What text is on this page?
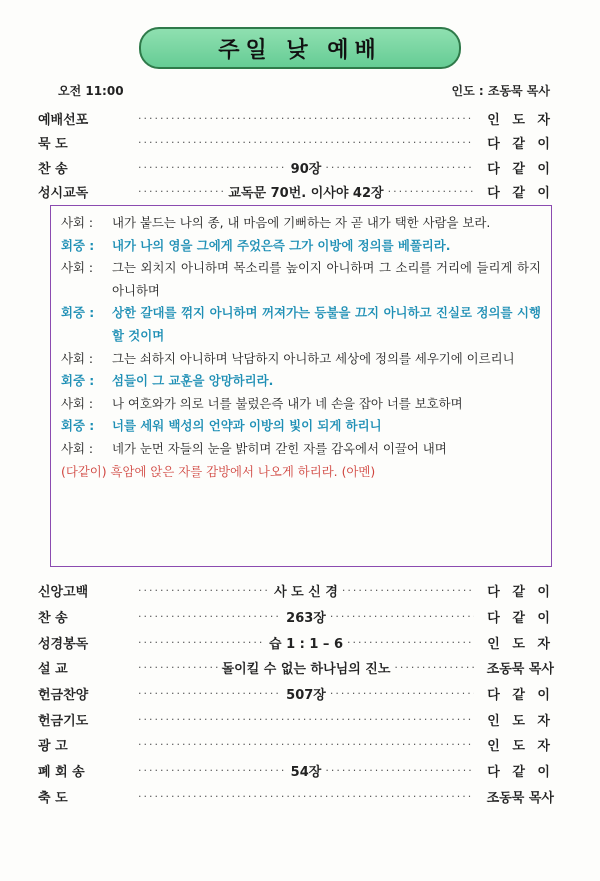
주일 낮 예배
오전 11:00	인도 : 조동묵 목사
예배선포 ·····	인 도 자
묵 도 ·····	다 같 이
찬 송 ·····	90장 ·····	다 같 이
성시교독 ·····	교독문 70번. 이사야 42장 ·····	다 같 이
사회 :	내가 붙드는 나의 종, 내 마음에 기뻐하는 자 곧 내가 택한 사람을 보라.
회중 :	내가 나의 영을 그에게 주었은즉 그가 이방에 정의를 베풀리라.
사회 :	그는 외치지 아니하며 목소리를 높이지 아니하며 그 소리를 거리에 들리게 하지 아니하며
회중 :	상한 갈대를 꺾지 아니하며 꺼져가는 등불을 끄지 아니하고 진실로 정의를 시행할 것이며
사회 :	그는 쇠하지 아니하며 낙담하지 아니하고 세상에 정의를 세우기에 이르리니
회중 :	섬들이 그 교훈을 앙망하리라.
사회 :	나 여호와가 의로 너를 불렀은즉 내가 네 손을 잡아 너를 보호하며
회중 :	너를 세워 백성의 언약과 이방의 빛이 되게 하리니
사회 :	네가 눈먼 자들의 눈을 밝히며 갇힌 자를 감옥에서 이끌어 내며
(다같이) 흑암에 앉은 자를 감방에서 나오게 하리라. (아멘)
신앙고백 ·····	사 도 신 경 ·····	다 같 이
찬 송 ·····	263장 ·····	다 같 이
성경봉독 ·····	습 1 : 1 – 6 ·····	인 도 자
설 교 ·····	돌이킬 수 없는 하나님의 진노 ·····	조동묵 목사
헌금찬양 ·····	507장 ·····	다 같 이
헌금기도 ·····	인 도 자
광 고 ·····	인 도 자
폐 회 송 ·····	54장 ·····	다 같 이
축 도 ·····	조동묵 목사
